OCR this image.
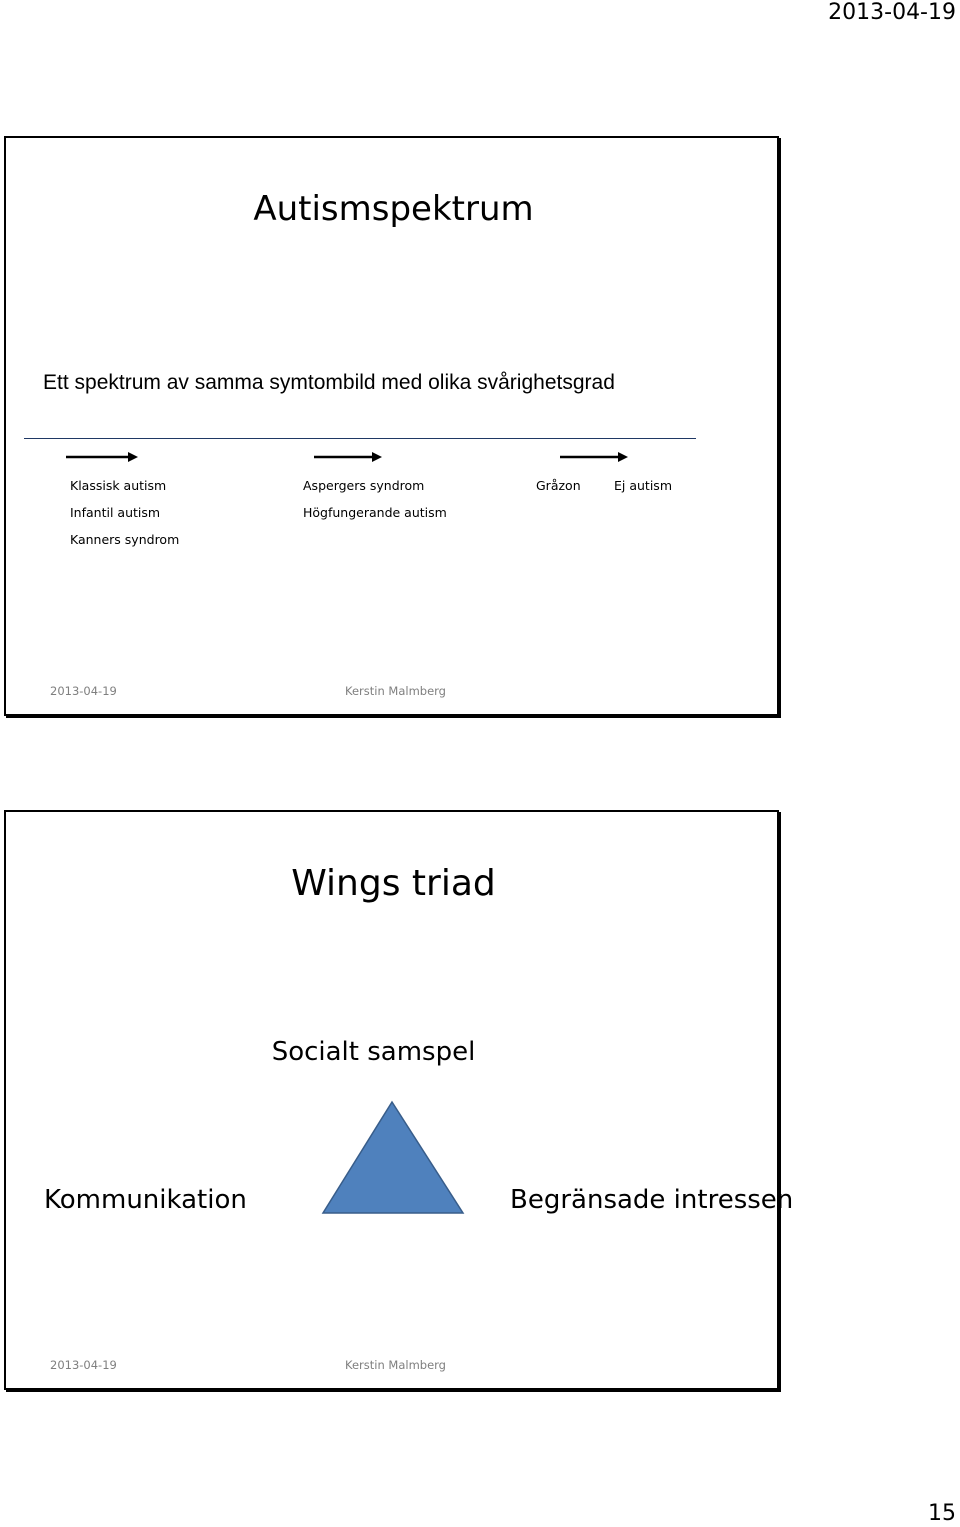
2013-04-19
Autismspektrum
Ett spektrum av samma symtombild med olika svårighetsgrad
Klassisk autism
Infantil autism
Kanners syndrom
Aspergers syndrom
Högfungerande autism
Gråzon	Ej autism
2013-04-19	Kerstin Malmberg
Wings triad
Socialt samspel
Kommunikation	Begränsade intressen
2013-04-19	Kerstin Malmberg
15
